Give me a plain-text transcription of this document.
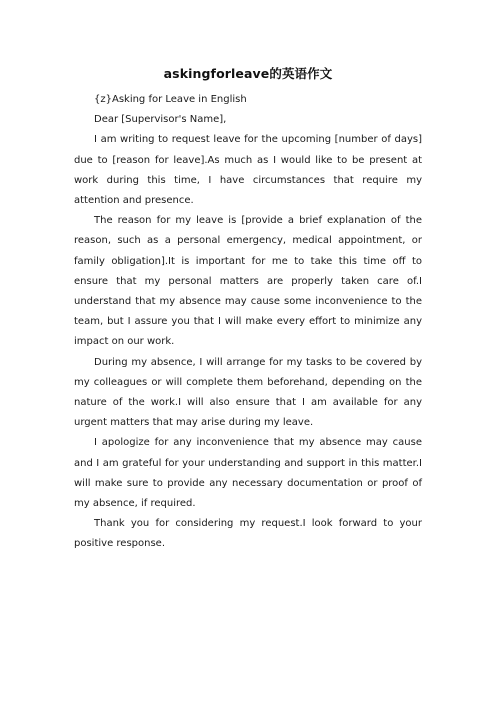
askingforleave的英语作文

{z}Asking for Leave in English

Dear [Supervisor's Name],

I am writing to request leave for the upcoming [number of days] due to [reason for leave].As much as I would like to be present at work during this time, I have circumstances that require my attention and presence.

The reason for my leave is [provide a brief explanation of the reason, such as a personal emergency, medical appointment, or family obligation].It is important for me to take this time off to ensure that my personal matters are properly taken care of.I understand that my absence may cause some inconvenience to the team, but I assure you that I will make every effort to minimize any impact on our work.

During my absence, I will arrange for my tasks to be covered by my colleagues or will complete them beforehand, depending on the nature of the work.I will also ensure that I am available for any urgent matters that may arise during my leave.

I apologize for any inconvenience that my absence may cause and I am grateful for your understanding and support in this matter.I will make sure to provide any necessary documentation or proof of my absence, if required.

Thank you for considering my request.I look forward to your positive response.
